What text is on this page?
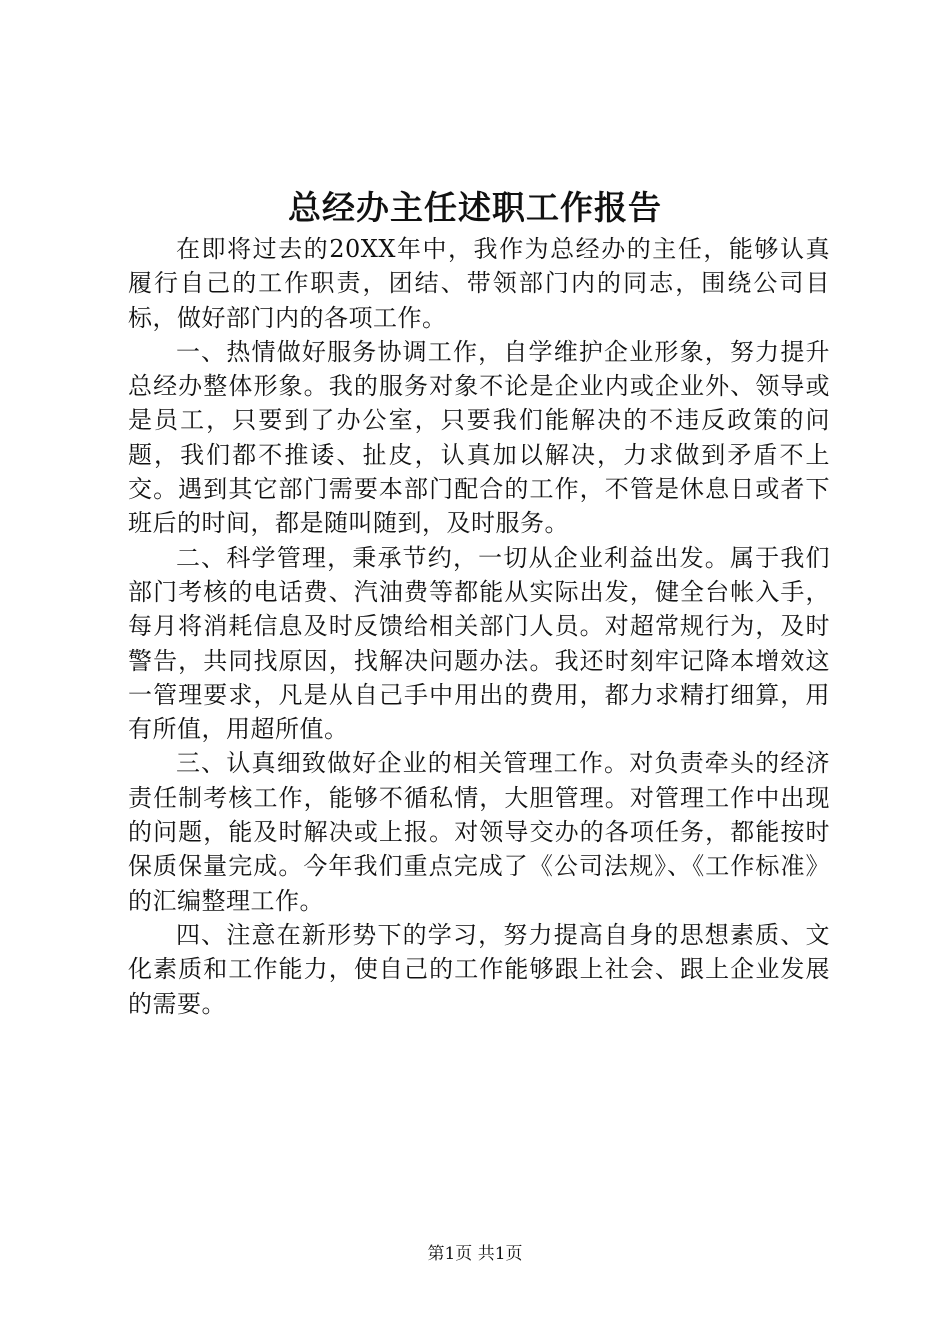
总经办主任述职工作报告

在即将过去的20XX年中，我作为总经办的主任，能够认真履行自己的工作职责，团结、带领部门内的同志，围绕公司目标，做好部门内的各项工作。

一、热情做好服务协调工作，自学维护企业形象，努力提升总经办整体形象。我的服务对象不论是企业内或企业外、领导或是员工，只要到了办公室，只要我们能解决的不违反政策的问题，我们都不推诿、扯皮，认真加以解决，力求做到矛盾不上交。遇到其它部门需要本部门配合的工作，不管是休息日或者下班后的时间，都是随叫随到，及时服务。

二、科学管理，秉承节约，一切从企业利益出发。属于我们部门考核的电话费、汽油费等都能从实际出发，健全台帐入手，每月将消耗信息及时反馈给相关部门人员。对超常规行为，及时警告，共同找原因，找解决问题办法。我还时刻牢记降本增效这一管理要求，凡是从自己手中用出的费用，都力求精打细算，用有所值，用超所值。

三、认真细致做好企业的相关管理工作。对负责牵头的经济责任制考核工作，能够不循私情，大胆管理。对管理工作中出现的问题，能及时解决或上报。对领导交办的各项任务，都能按时保质保量完成。今年我们重点完成了《公司法规》、《工作标准》的汇编整理工作。

四、注意在新形势下的学习，努力提高自身的思想素质、文化素质和工作能力，使自己的工作能够跟上社会、跟上企业发展的需要。

第1页 共1页
